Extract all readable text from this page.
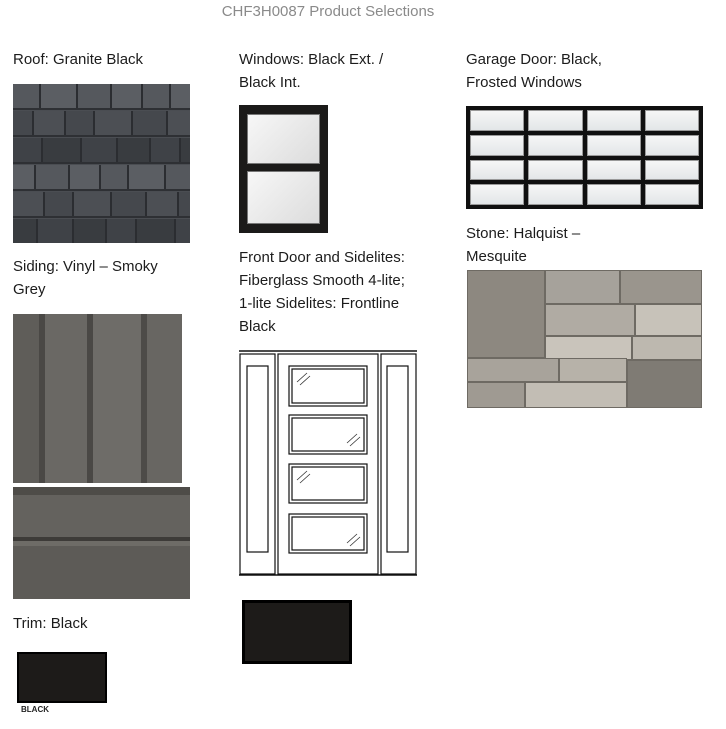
CHF3H0087 Product Selections
Roof: Granite Black
Siding: Vinyl – Smoky
Grey
Trim: Black
BLACK
Windows: Black Ext. /
Black Int.
Front Door and Sidelites:
Fiberglass Smooth 4-lite;
1-lite Sidelites: Frontline
Black
Garage Door: Black,
Frosted Windows
Stone: Halquist –
Mesquite
